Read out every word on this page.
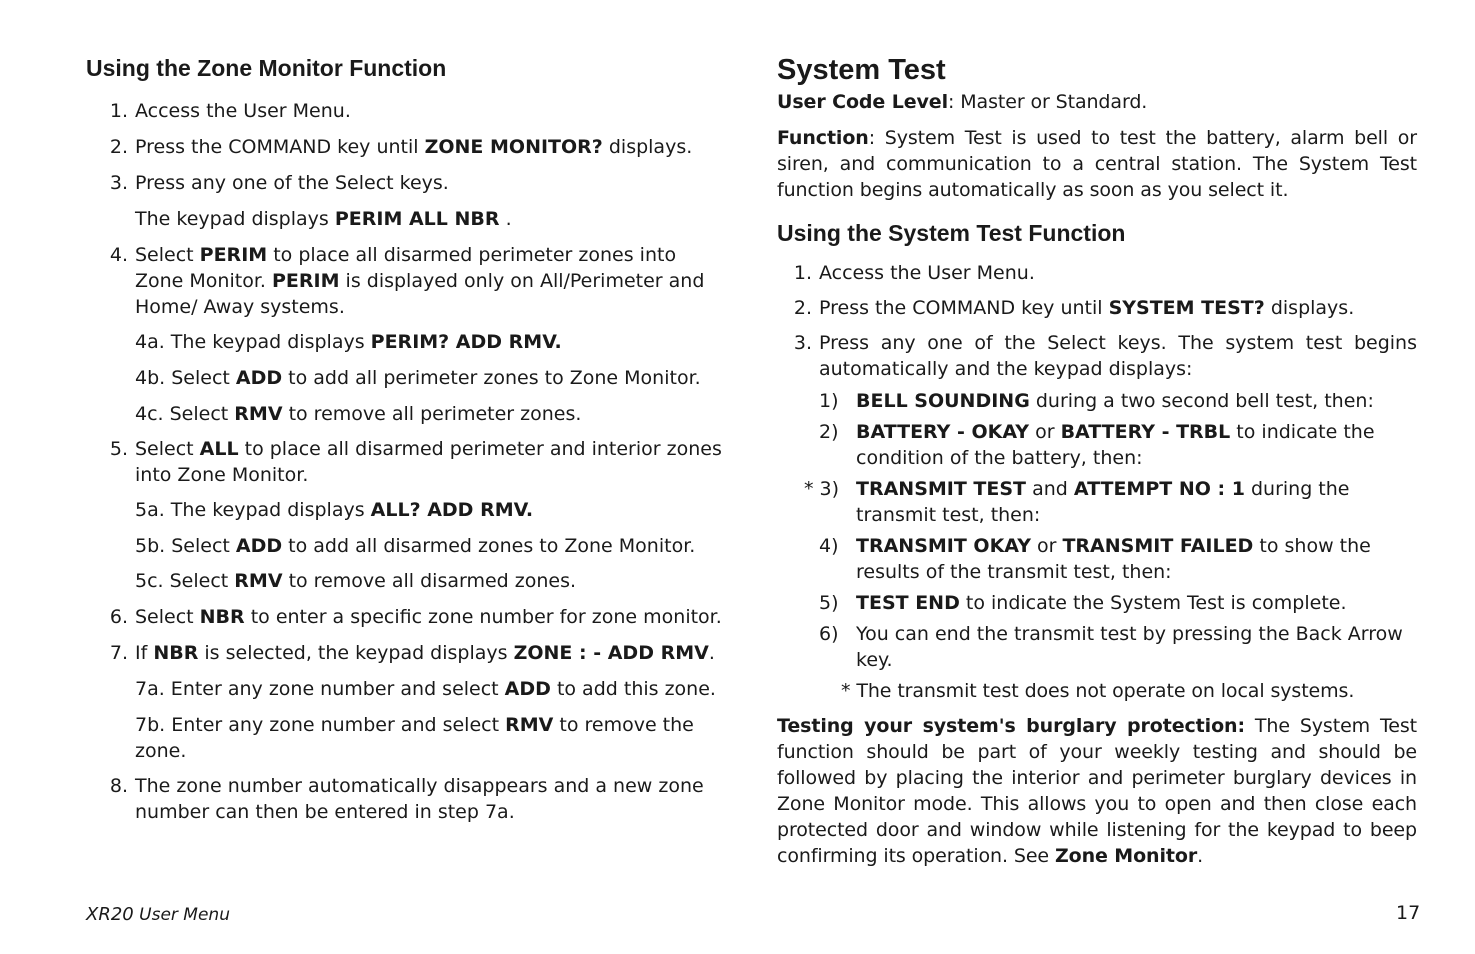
Using the Zone Monitor Function
1. Access the User Menu.
2. Press the COMMAND key until ZONE MONITOR? displays.
3. Press any one of the Select keys.
The keypad displays PERIM ALL NBR .
4. Select PERIM to place all disarmed perimeter zones into Zone Monitor. PERIM is displayed only on All/Perimeter and Home/ Away systems.
4a. The keypad displays PERIM? ADD RMV.
4b. Select ADD to add all perimeter zones to Zone Monitor.
4c. Select RMV to remove all perimeter zones.
5. Select ALL to place all disarmed perimeter and interior zones into Zone Monitor.
5a. The keypad displays ALL? ADD RMV.
5b. Select ADD to add all disarmed zones to Zone Monitor.
5c. Select RMV to remove all disarmed zones.
6. Select NBR to enter a specific zone number for zone monitor.
7. If NBR is selected, the keypad displays ZONE : - ADD RMV.
7a. Enter any zone number and select ADD to add this zone.
7b. Enter any zone number and select RMV to remove the zone.
8. The zone number automatically disappears and a new zone number can then be entered in step 7a.
System Test

User Code Level: Master or Standard.

Function: System Test is used to test the battery, alarm bell or siren, and communication to a central station. The System Test function begins automatically as soon as you select it.

Using the System Test Function
1. Access the User Menu.
2. Press the COMMAND key until SYSTEM TEST? displays.
3. Press any one of the Select keys. The system test begins automatically and the keypad displays:
1) BELL SOUNDING during a two second bell test, then:
2) BATTERY - OKAY or BATTERY - TRBL to indicate the condition of the battery, then:
* 3) TRANSMIT TEST and ATTEMPT NO : 1 during the transmit test, then:
4) TRANSMIT OKAY or TRANSMIT FAILED to show the results of the transmit test, then:
5) TEST END to indicate the System Test is complete.
6) You can end the transmit test by pressing the Back Arrow key.
* The transmit test does not operate on local systems.

Testing your system's burglary protection: The System Test function should be part of your weekly testing and should be followed by placing the interior and perimeter burglary devices in Zone Monitor mode. This allows you to open and then close each protected door and window while listening for the keypad to beep confirming its operation. See Zone Monitor.

XR20 User Menu	17
